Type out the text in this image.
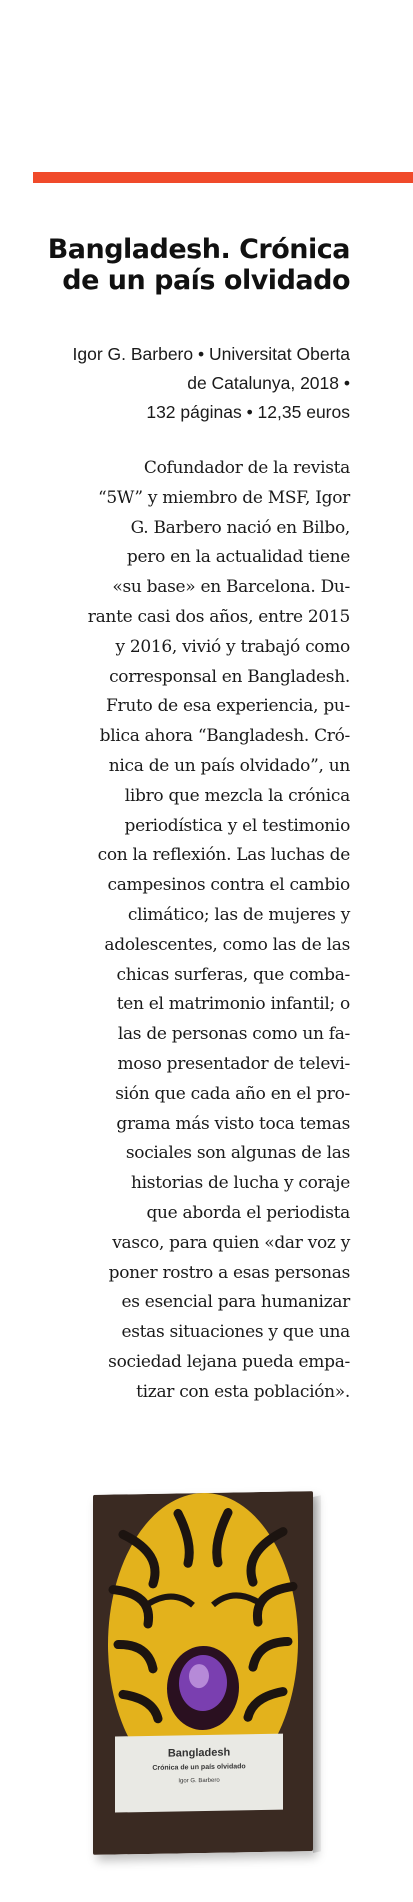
Bangladesh. Crónica
de un país olvidado
Igor G. Barbero • Universitat Oberta
de Catalunya, 2018 •
132 páginas • 12,35 euros
Cofundador de la revista
“5W” y miembro de MSF, Igor
G. Barbero nació en Bilbo,
pero en la actualidad tiene
«su base» en Barcelona. Du-
rante casi dos años, entre 2015
y 2016, vivió y trabajó como
corresponsal en Bangladesh.
Fruto de esa experiencia, pu-
blica ahora “Bangladesh. Cró-
nica de un país olvidado”, un
libro que mezcla la crónica
periodística y el testimonio
con la reflexión. Las luchas de
campesinos contra el cambio
climático; las de mujeres y
adolescentes, como las de las
chicas surferas, que comba-
ten el matrimonio infantil; o
las de personas como un fa-
moso presentador de televi-
sión que cada año en el pro-
grama más visto toca temas
sociales son algunas de las
historias de lucha y coraje
que aborda el periodista
vasco, para quien «dar voz y
poner rostro a esas personas
es esencial para humanizar
estas situaciones y que una
sociedad lejana pueda empa-
tizar con esta población».
Bangladesh
Crónica de un país olvidado
Igor G. Barbero
